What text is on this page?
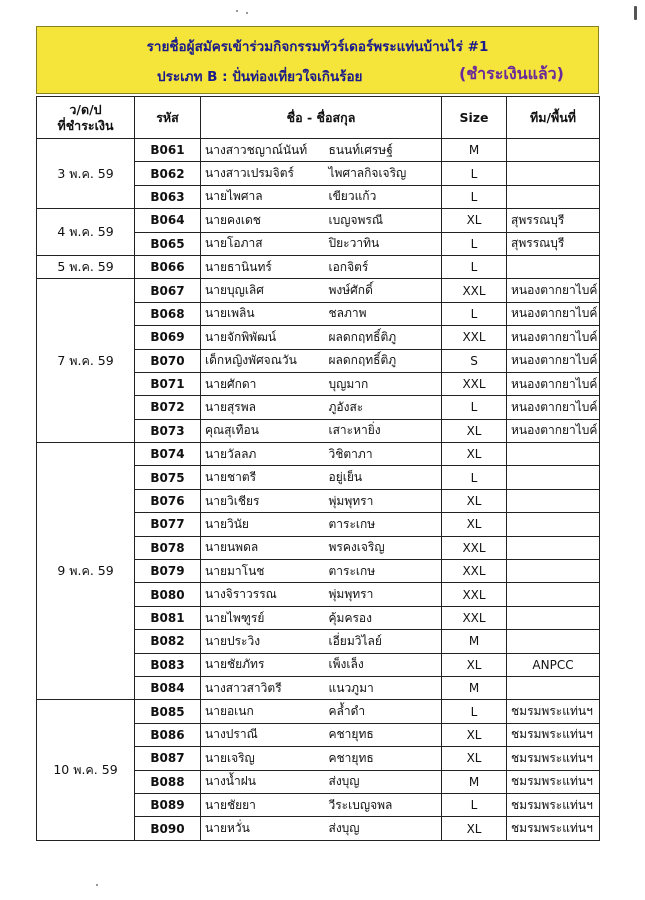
รายชื่อผู้สมัครเข้าร่วมกิจกรรมทัวร์เดอร์พระแท่นบ้านไร่ #1
ประเภท B : ปั่นท่องเที่ยวใจเกินร้อย	(ชำระเงินแล้ว)
ว/ด/ป
ที่ชำระเงิน	รหัส	ชื่อ - ชื่อสกุล		Size	ทีม/พื้นที่
3 พ.ค. 59	B061	นางสาวชญาณ์นันท์	ธนนท์เศรษฐ์	M	
	B062	นางสาวเปรมจิตร์	ไพศาลกิจเจริญ	L	
	B063	นายไพศาล	เขียวแก้ว	L	
4 พ.ค. 59	B064	นายคงเดช	เบญจพรณี	XL	สุพรรณบุรี
	B065	นายโอภาส	ปิยะวาทิน	L	สุพรรณบุรี
5 พ.ค. 59	B066	นายธานินทร์	เอกจิตร์	L	
7 พ.ค. 59	B067	นายบุญเลิศ	พงษ์ศักดิ์	XXL	หนองตากยาไบค์
	B068	นายเพลิน	ชลภาพ	L	หนองตากยาไบค์
	B069	นายจักพิพัฒน์	ผลดกฤทธิ์ติภู	XXL	หนองตากยาไบค์
	B070	เด็กหญิงพัศจณวัน	ผลดกฤทธิ์ติภู	S	หนองตากยาไบค์
	B071	นายศักดา	บุญมาก	XXL	หนองตากยาไบค์
	B072	นายสุรพล	ภูอังสะ	L	หนองตากยาไบค์
	B073	คุณสุเทือน	เสาะหายิ่ง	XL	หนองตากยาไบค์
9 พ.ค. 59	B074	นายวัลลภ	วิชิตาภา	XL	
	B075	นายชาตรี	อยู่เย็น	L	
	B076	นายวิเชียร	พุ่มพุทรา	XL	
	B077	นายวินัย	ตาระเกษ	XL	
	B078	นายนพดล	พรคงเจริญ	XXL	
	B079	นายมาโนช	ตาระเกษ	XXL	
	B080	นางจิราวรรณ	พุ่มพุทรา	XXL	
	B081	นายไพฑูรย์	คุ้มครอง	XXL	
	B082	นายประวิง	เอี่ยมวิไลย์	M	
	B083	นายชัยภัทร	เพ็งเล็ง	XL	ANPCC
	B084	นางสาวสาวิตรี	แนวภูมา	M	
10 พ.ค. 59	B085	นายอเนก	คล้ำดำ	L	ชมรมพระแท่นฯ
	B086	นางปราณี	คชายุทธ	XL	ชมรมพระแท่นฯ
	B087	นายเจริญ	คชายุทธ	XL	ชมรมพระแท่นฯ
	B088	นางน้ำฝน	ส่งบุญ	M	ชมรมพระแท่นฯ
	B089	นายชัยยา	วีระเบญจพล	L	ชมรมพระแท่นฯ
	B090	นายหวั่น	ส่งบุญ	XL	ชมรมพระแท่นฯ
